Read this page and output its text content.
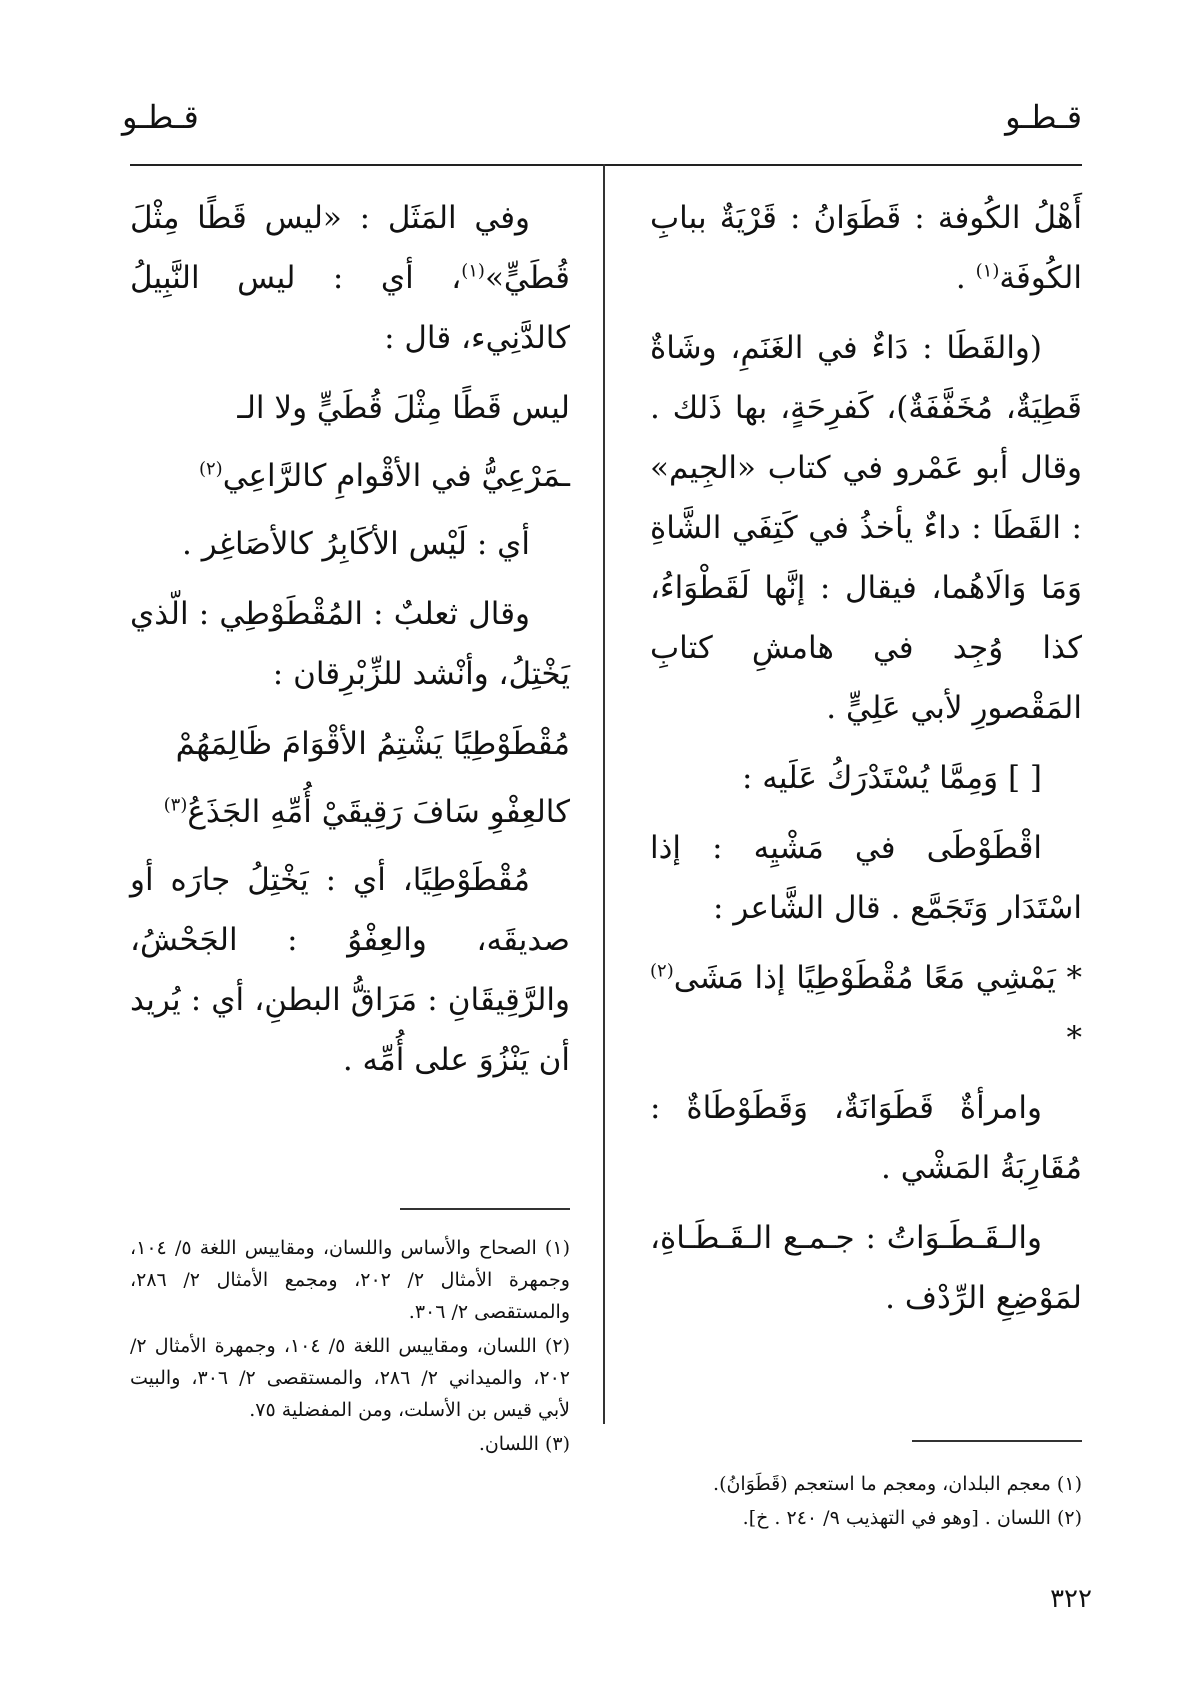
قـطـو
قـطـو

أَهْلُ الكُوفة : قَطَوَانُ : قَرْيَةٌ ببابِ الكُوفَة$^{(١)}$ .

(والقَطَا : دَاءٌ في الغَنَمِ، وشَاةٌ قَطِيَةٌ، مُخَفَّفَةٌ)، كَفرِحَةٍ، بها ذَلك . وقال أبو عَمْرو في كتاب «الجِيم» : القَطَا : داءٌ يأخذُ في كَتِفَي الشَّاةِ وَمَا وَالَاهُما، فيقال : إنَّها لَقَطْوَاءُ، كذا وُجِد في هامشِ كتابِ المَقْصورِ لأبي عَلِيٍّ .

[ ] وَمِمَّا يُسْتَدْرَكُ عَلَيه :

اقْطَوْطَى في مَشْيِه : إذا اسْتَدَار وَتَجَمَّع . قال الشَّاعر :

* يَمْشِي مَعًا مُقْطَوْطِيًا إذا مَشَى$^{(٢)}$ *

وامرأةٌ قَطَوَانَةٌ، وَقَطَوْطَاةٌ : مُقَارِبَةُ المَشْي .

والـقَـطَـوَاتُ : جـمـع الـقَـطَـاةِ، لمَوْضِعِ الرِّدْف .

وفي المَثَل : «ليس قَطًا مِثْلَ قُطَيٍّ»$^{(١)}$، أي : ليس النَّبِيلُ كالدَّنِيء، قال :

ليس قَطًا مِثْلَ قُطَيٍّ ولا الـ

ـمَرْعِيُّ في الأقْوامِ كالرَّاعِي$^{(٢)}$

أي : لَيْس الأكَابِرُ كالأصَاغِر .

وقال ثعلبٌ : المُقْطَوْطِي : الّذي يَخْتِلُ، وأنْشد للزِّبْرِقان :

مُقْطَوْطِيًا يَشْتِمُ الأقْوَامَ ظَالِمَهُمْ

كالعِفْوِ سَافَ رَقِيقَيْ أُمِّهِ الجَذَعُ$^{(٣)}$

مُقْطَوْطِيًا، أي : يَخْتِلُ جارَه أو صديقَه، والعِفْوُ : الجَحْشُ، والرَّقِيقَانِ : مَرَاقُّ البطنِ، أي : يُريد أن يَنْزُوَ على أُمِّه .

(١) معجم البلدان، ومعجم ما استعجم (قَطَوَانُ).

(٢) اللسان . [وهو في التهذيب ٩/ ٢٤٠ . خ].

(١) الصحاح والأساس واللسان، ومقاييس اللغة ٥/ ١٠٤، وجمهرة الأمثال ٢/ ٢٠٢، ومجمع الأمثال ٢/ ٢٨٦، والمستقصى ٢/ ٣٠٦.

(٢) اللسان، ومقاييس اللغة ٥/ ١٠٤، وجمهرة الأمثال ٢/ ٢٠٢، والميداني ٢/ ٢٨٦، والمستقصى ٢/ ٣٠٦، والبيت لأبي قيس بن الأسلت، ومن المفضلية ٧٥.

(٣) اللسان.

٣٢٢
